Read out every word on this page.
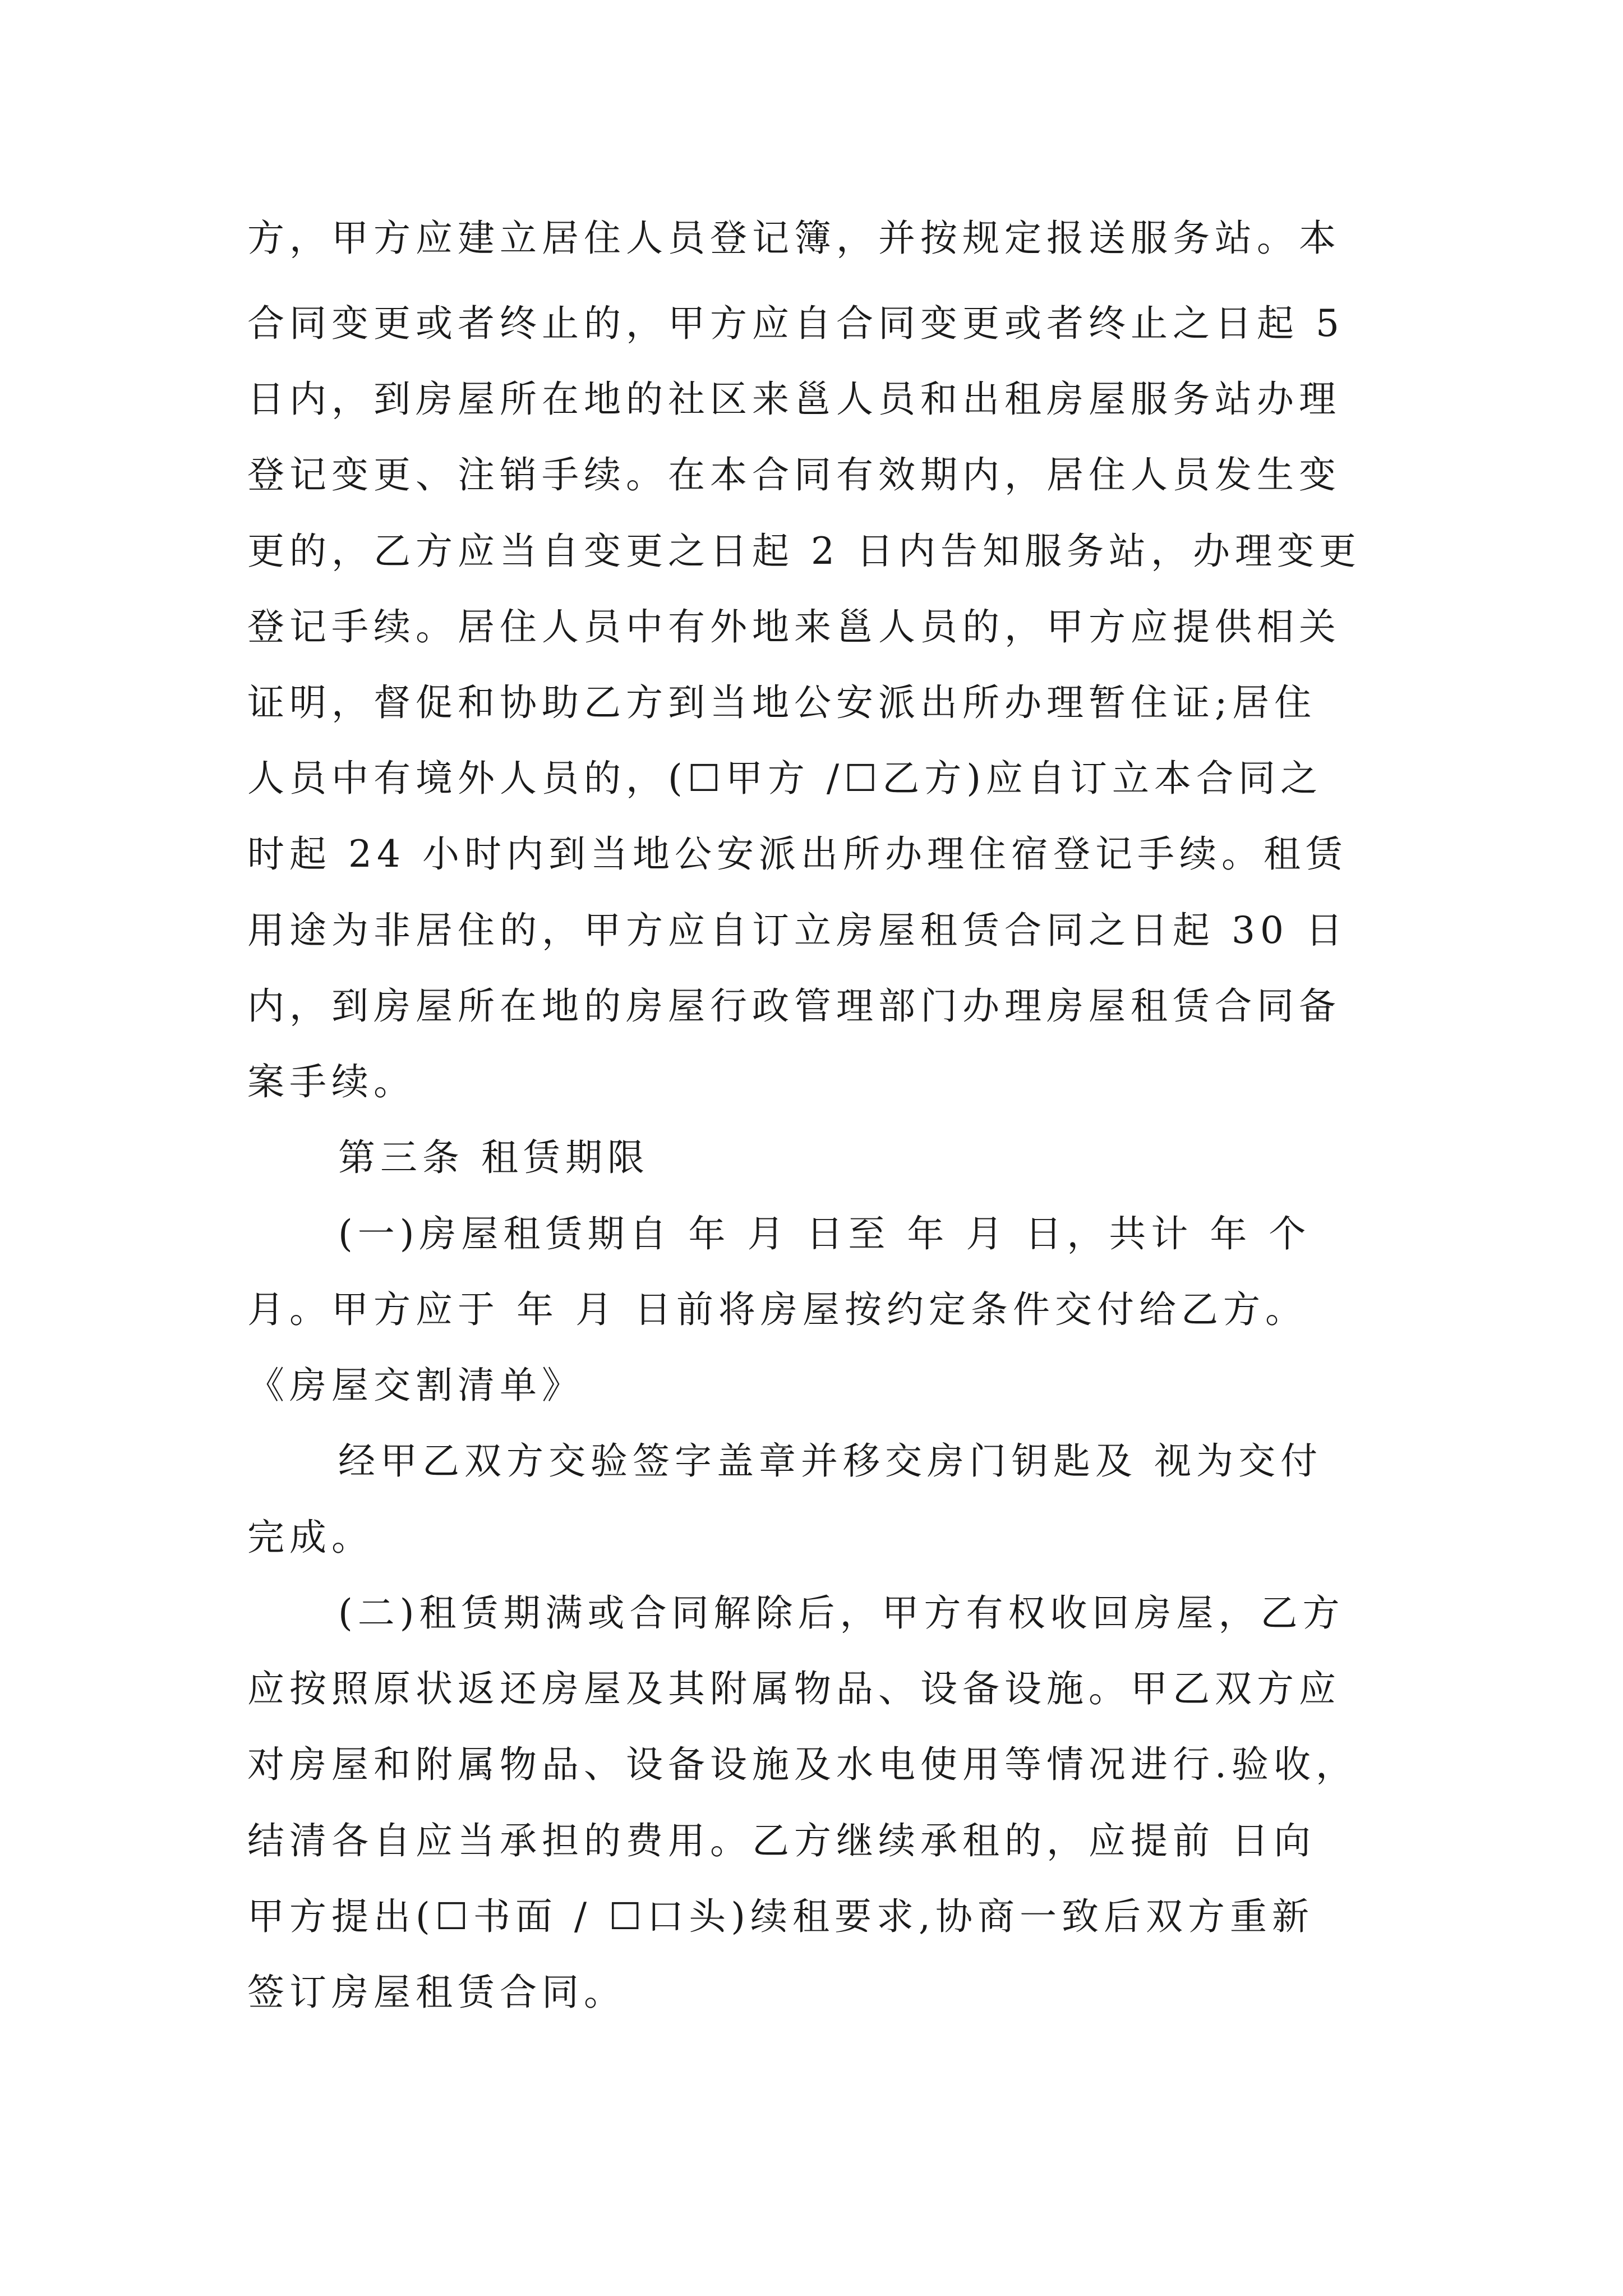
方，甲方应建立居住人员登记簿，并按规定报送服务站。本
合同变更或者终止的，甲方应自合同变更或者终止之日起 5
日内，到房屋所在地的社区来邕人员和出租房屋服务站办理
登记变更、注销手续。在本合同有效期内，居住人员发生变
更的，乙方应当自变更之日起 2 日内告知服务站，办理变更
登记手续。居住人员中有外地来邕人员的，甲方应提供相关
证明，督促和协助乙方到当地公安派出所办理暂住证;居住
人员中有境外人员的，(☐甲方 /☐乙方)应自订立本合同之
时起 24 小时内到当地公安派出所办理住宿登记手续。租赁
用途为非居住的，甲方应自订立房屋租赁合同之日起 30 日
内，到房屋所在地的房屋行政管理部门办理房屋租赁合同备
案手续。
第三条 租赁期限
(一)房屋租赁期自 年 月 日至 年 月 日，共计 年 个
月。甲方应于 年 月 日前将房屋按约定条件交付给乙方。
《房屋交割清单》
经甲乙双方交验签字盖章并移交房门钥匙及 视为交付
完成。
(二)租赁期满或合同解除后，甲方有权收回房屋，乙方
应按照原状返还房屋及其附属物品、设备设施。甲乙双方应
对房屋和附属物品、设备设施及水电使用等情况进行.验收，
结清各自应当承担的费用。乙方继续承租的，应提前 日向
甲方提出(☐书面 / ☐口头)续租要求,协商一致后双方重新
签订房屋租赁合同。
